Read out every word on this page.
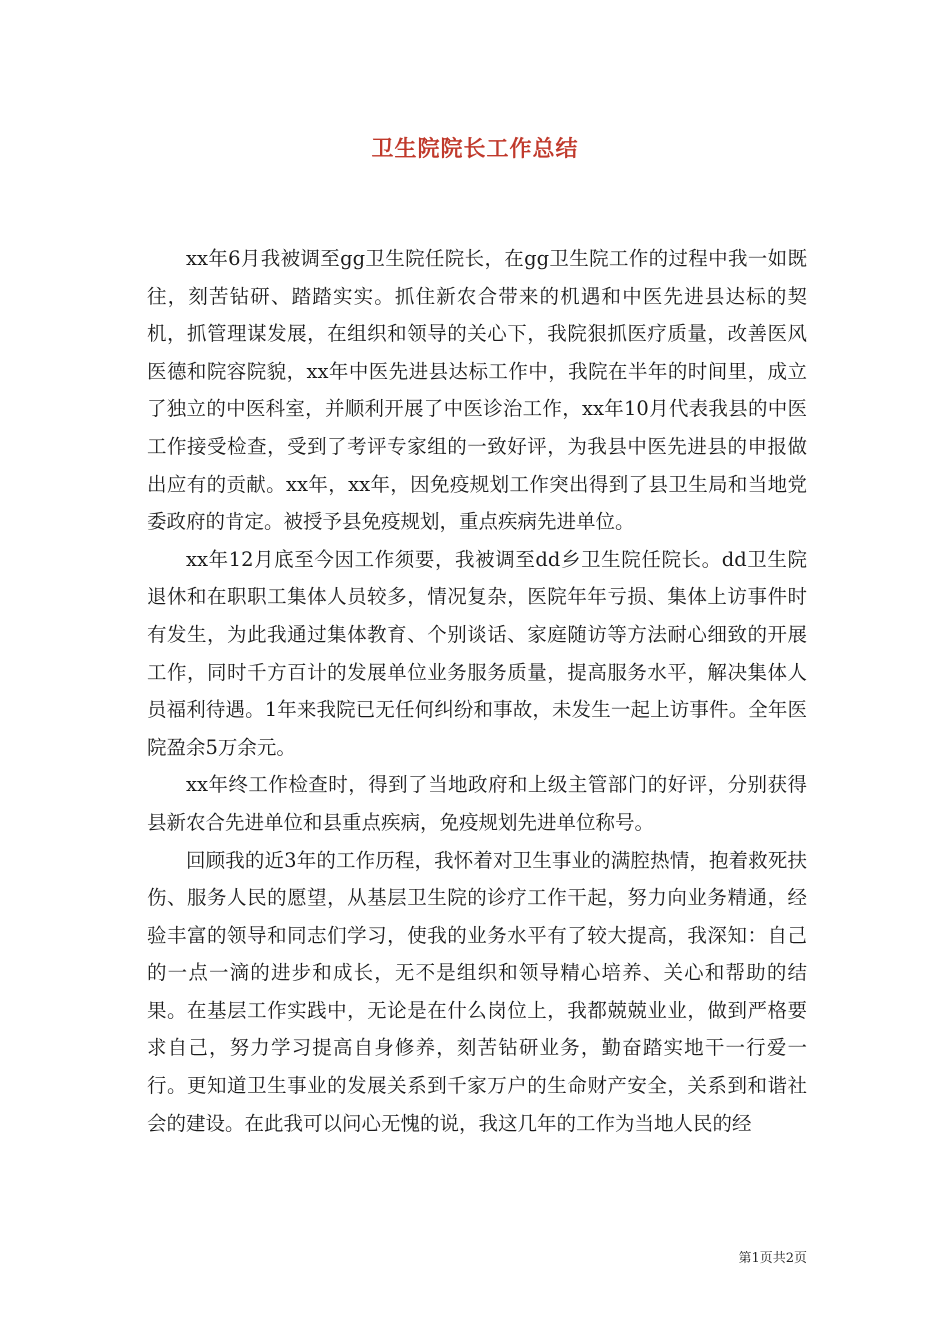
卫生院院长工作总结

xx年6月我被调至gg卫生院任院长，在gg卫生院工作的过程中我一如既往，刻苦钻研、踏踏实实。抓住新农合带来的机遇和中医先进县达标的契机，抓管理谋发展，在组织和领导的关心下，我院狠抓医疗质量，改善医风医德和院容院貌，xx年中医先进县达标工作中，我院在半年的时间里，成立了独立的中医科室，并顺利开展了中医诊治工作，xx年10月代表我县的中医工作接受检查，受到了考评专家组的一致好评，为我县中医先进县的申报做出应有的贡献。xx年，xx年，因免疫规划工作突出得到了县卫生局和当地党委政府的肯定。被授予县免疫规划，重点疾病先进单位。

xx年12月底至今因工作须要，我被调至dd乡卫生院任院长。dd卫生院退休和在职职工集体人员较多，情况复杂，医院年年亏损、集体上访事件时有发生，为此我通过集体教育、个别谈话、家庭随访等方法耐心细致的开展工作，同时千方百计的发展单位业务服务质量，提高服务水平，解决集体人员福利待遇。1年来我院已无任何纠纷和事故，未发生一起上访事件。全年医院盈余5万余元。

xx年终工作检查时，得到了当地政府和上级主管部门的好评，分别获得县新农合先进单位和县重点疾病，免疫规划先进单位称号。

回顾我的近3年的工作历程，我怀着对卫生事业的满腔热情，抱着救死扶伤、服务人民的愿望，从基层卫生院的诊疗工作干起，努力向业务精通，经验丰富的领导和同志们学习，使我的业务水平有了较大提高，我深知：自己的一点一滴的进步和成长，无不是组织和领导精心培养、关心和帮助的结果。在基层工作实践中，无论是在什么岗位上，我都兢兢业业，做到严格要求自己，努力学习提高自身修养，刻苦钻研业务，勤奋踏实地干一行爱一行。更知道卫生事业的发展关系到千家万户的生命财产安全，关系到和谐社会的建设。在此我可以问心无愧的说，我这几年的工作为当地人民的经

第1页共2页
